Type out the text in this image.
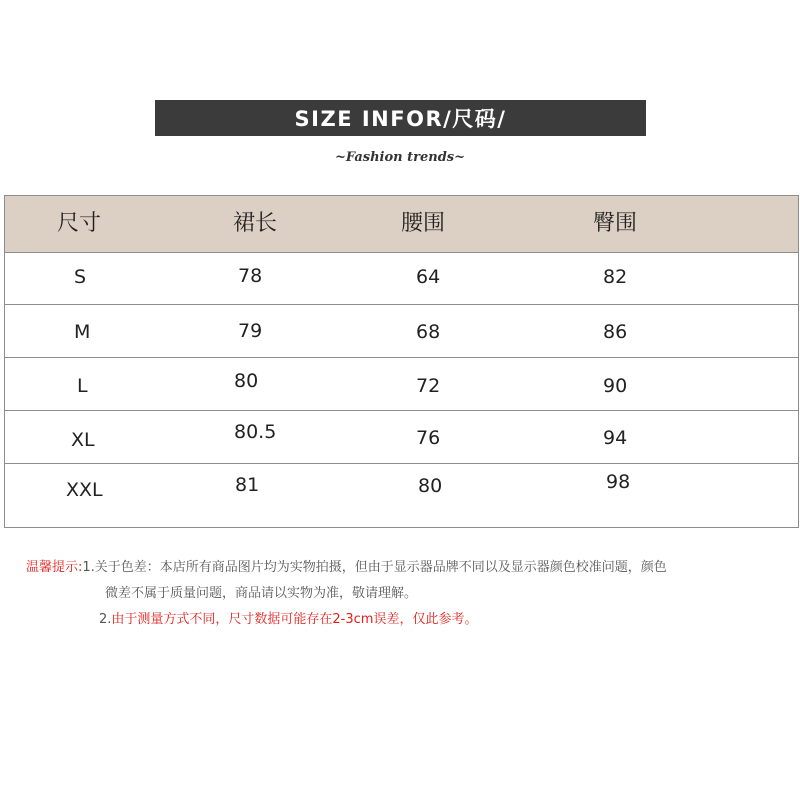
SIZE INFOR/尺码/
~Fashion trends~
尺寸	裙长	腰围	臀围
S	78	64	82
M	79	68	86
L	80	72	90
XL	80.5	76	94
XXL	81	80	98
温馨提示:1.关于色差：本店所有商品图片均为实物拍摄，但由于显示器品牌不同以及显示器颜色校准问题，颜色
微差不属于质量问题，商品请以实物为准，敬请理解。
2.由于测量方式不同，尺寸数据可能存在2-3cm误差，仅此参考。
